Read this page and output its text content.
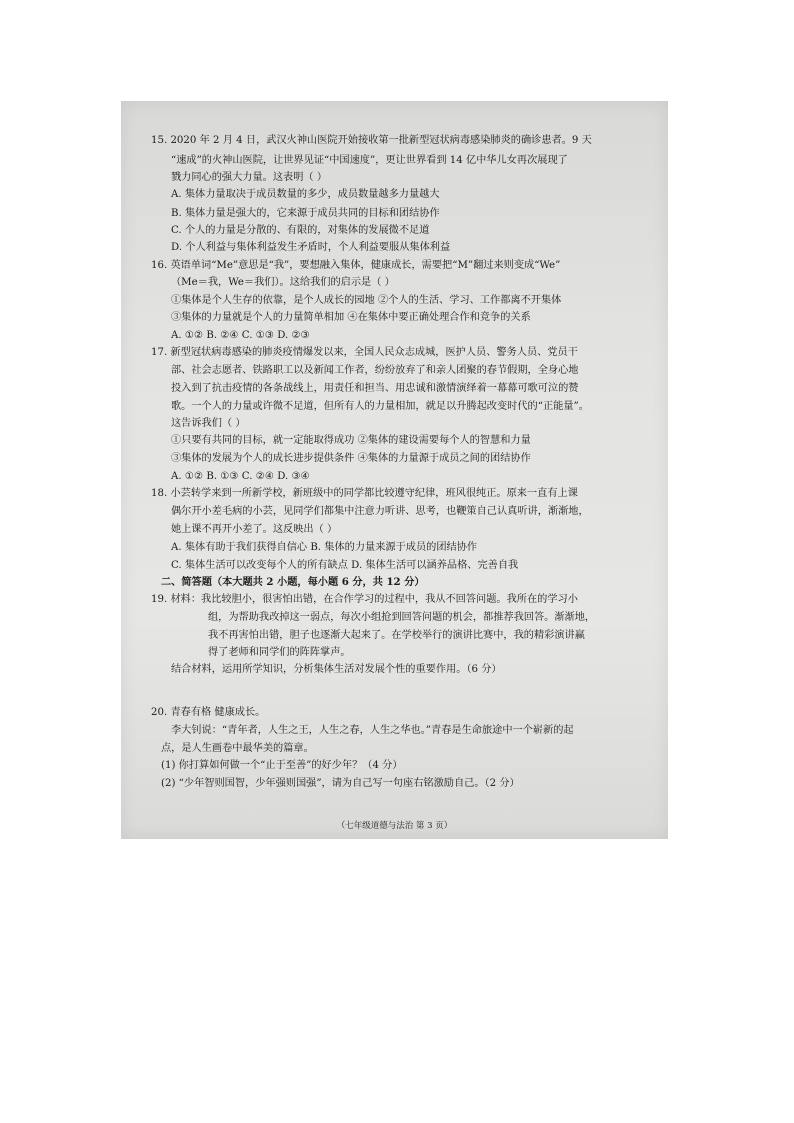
15. 2020 年 2 月 4 日，武汉火神山医院开始接收第一批新型冠状病毒感染肺炎的确诊患者。9 天
“速成”的火神山医院，让世界见证“中国速度”，更让世界看到 14 亿中华儿女再次展现了
戮力同心的强大力量。这表明（ ）
A. 集体力量取决于成员数量的多少，成员数量越多力量越大
B. 集体力量是强大的，它来源于成员共同的目标和团结协作
C. 个人的力量是分散的、有限的，对集体的发展微不足道
D. 个人利益与集体利益发生矛盾时，个人利益要服从集体利益
16. 英语单词“Me”意思是“我”，要想融入集体，健康成长，需要把“M”翻过来则变成“We”
（Me＝我，We＝我们）。这给我们的启示是（ ）
①集体是个人生存的依靠，是个人成长的园地 ②个人的生活、学习、工作都离不开集体
③集体的力量就是个人的力量简单相加 ④在集体中要正确处理合作和竞争的关系
A. ①② B. ②④ C. ①③ D. ②③
17. 新型冠状病毒感染的肺炎疫情爆发以来，全国人民众志成城，医护人员、警务人员、党员干
部、社会志愿者、铁路职工以及新闻工作者，纷纷放弃了和亲人团聚的春节假期，全身心地
投入到了抗击疫情的各条战线上，用责任和担当、用忠诚和激情演绎着一幕幕可歌可泣的赞
歌。一个人的力量或许微不足道，但所有人的力量相加，就足以升腾起改变时代的“正能量”。
这告诉我们（ ）
①只要有共同的目标，就一定能取得成功 ②集体的建设需要每个人的智慧和力量
③集体的发展为个人的成长进步提供条件 ④集体的力量源于成员之间的团结协作
A. ①② B. ①③ C. ②④ D. ③④
18. 小芸转学来到一所新学校，新班级中的同学都比较遵守纪律，班风很纯正。原来一直有上课
偶尔开小差毛病的小芸，见同学们都集中注意力听讲、思考，也鞭策自己认真听讲，渐渐地，
她上课不再开小差了。这反映出（ ）
A. 集体有助于我们获得自信心 B. 集体的力量来源于成员的团结协作
C. 集体生活可以改变每个人的所有缺点 D. 集体生活可以涵养品格、完善自我
二、简答题（本大题共 2 小题，每小题 6 分，共 12 分）
19. 材料：我比较胆小，很害怕出错，在合作学习的过程中，我从不回答问题。我所在的学习小
组，为帮助我改掉这一弱点，每次小组抢到回答问题的机会，都推荐我回答。渐渐地，
我不再害怕出错，胆子也逐渐大起来了。在学校举行的演讲比赛中，我的精彩演讲赢
得了老师和同学们的阵阵掌声。
结合材料，运用所学知识，分析集体生活对发展个性的重要作用。（6 分）
20. 青春有格 健康成长。
李大钊说：“青年者，人生之王，人生之春，人生之华也。”青春是生命旅途中一个崭新的起
点，是人生画卷中最华美的篇章。
(1) 你打算如何做一个“止于至善”的好少年？（4 分）
(2) “少年智则国智，少年强则国强”，请为自己写一句座右铭激励自己。（2 分）
（七年级道德与法治 第 3 页）
